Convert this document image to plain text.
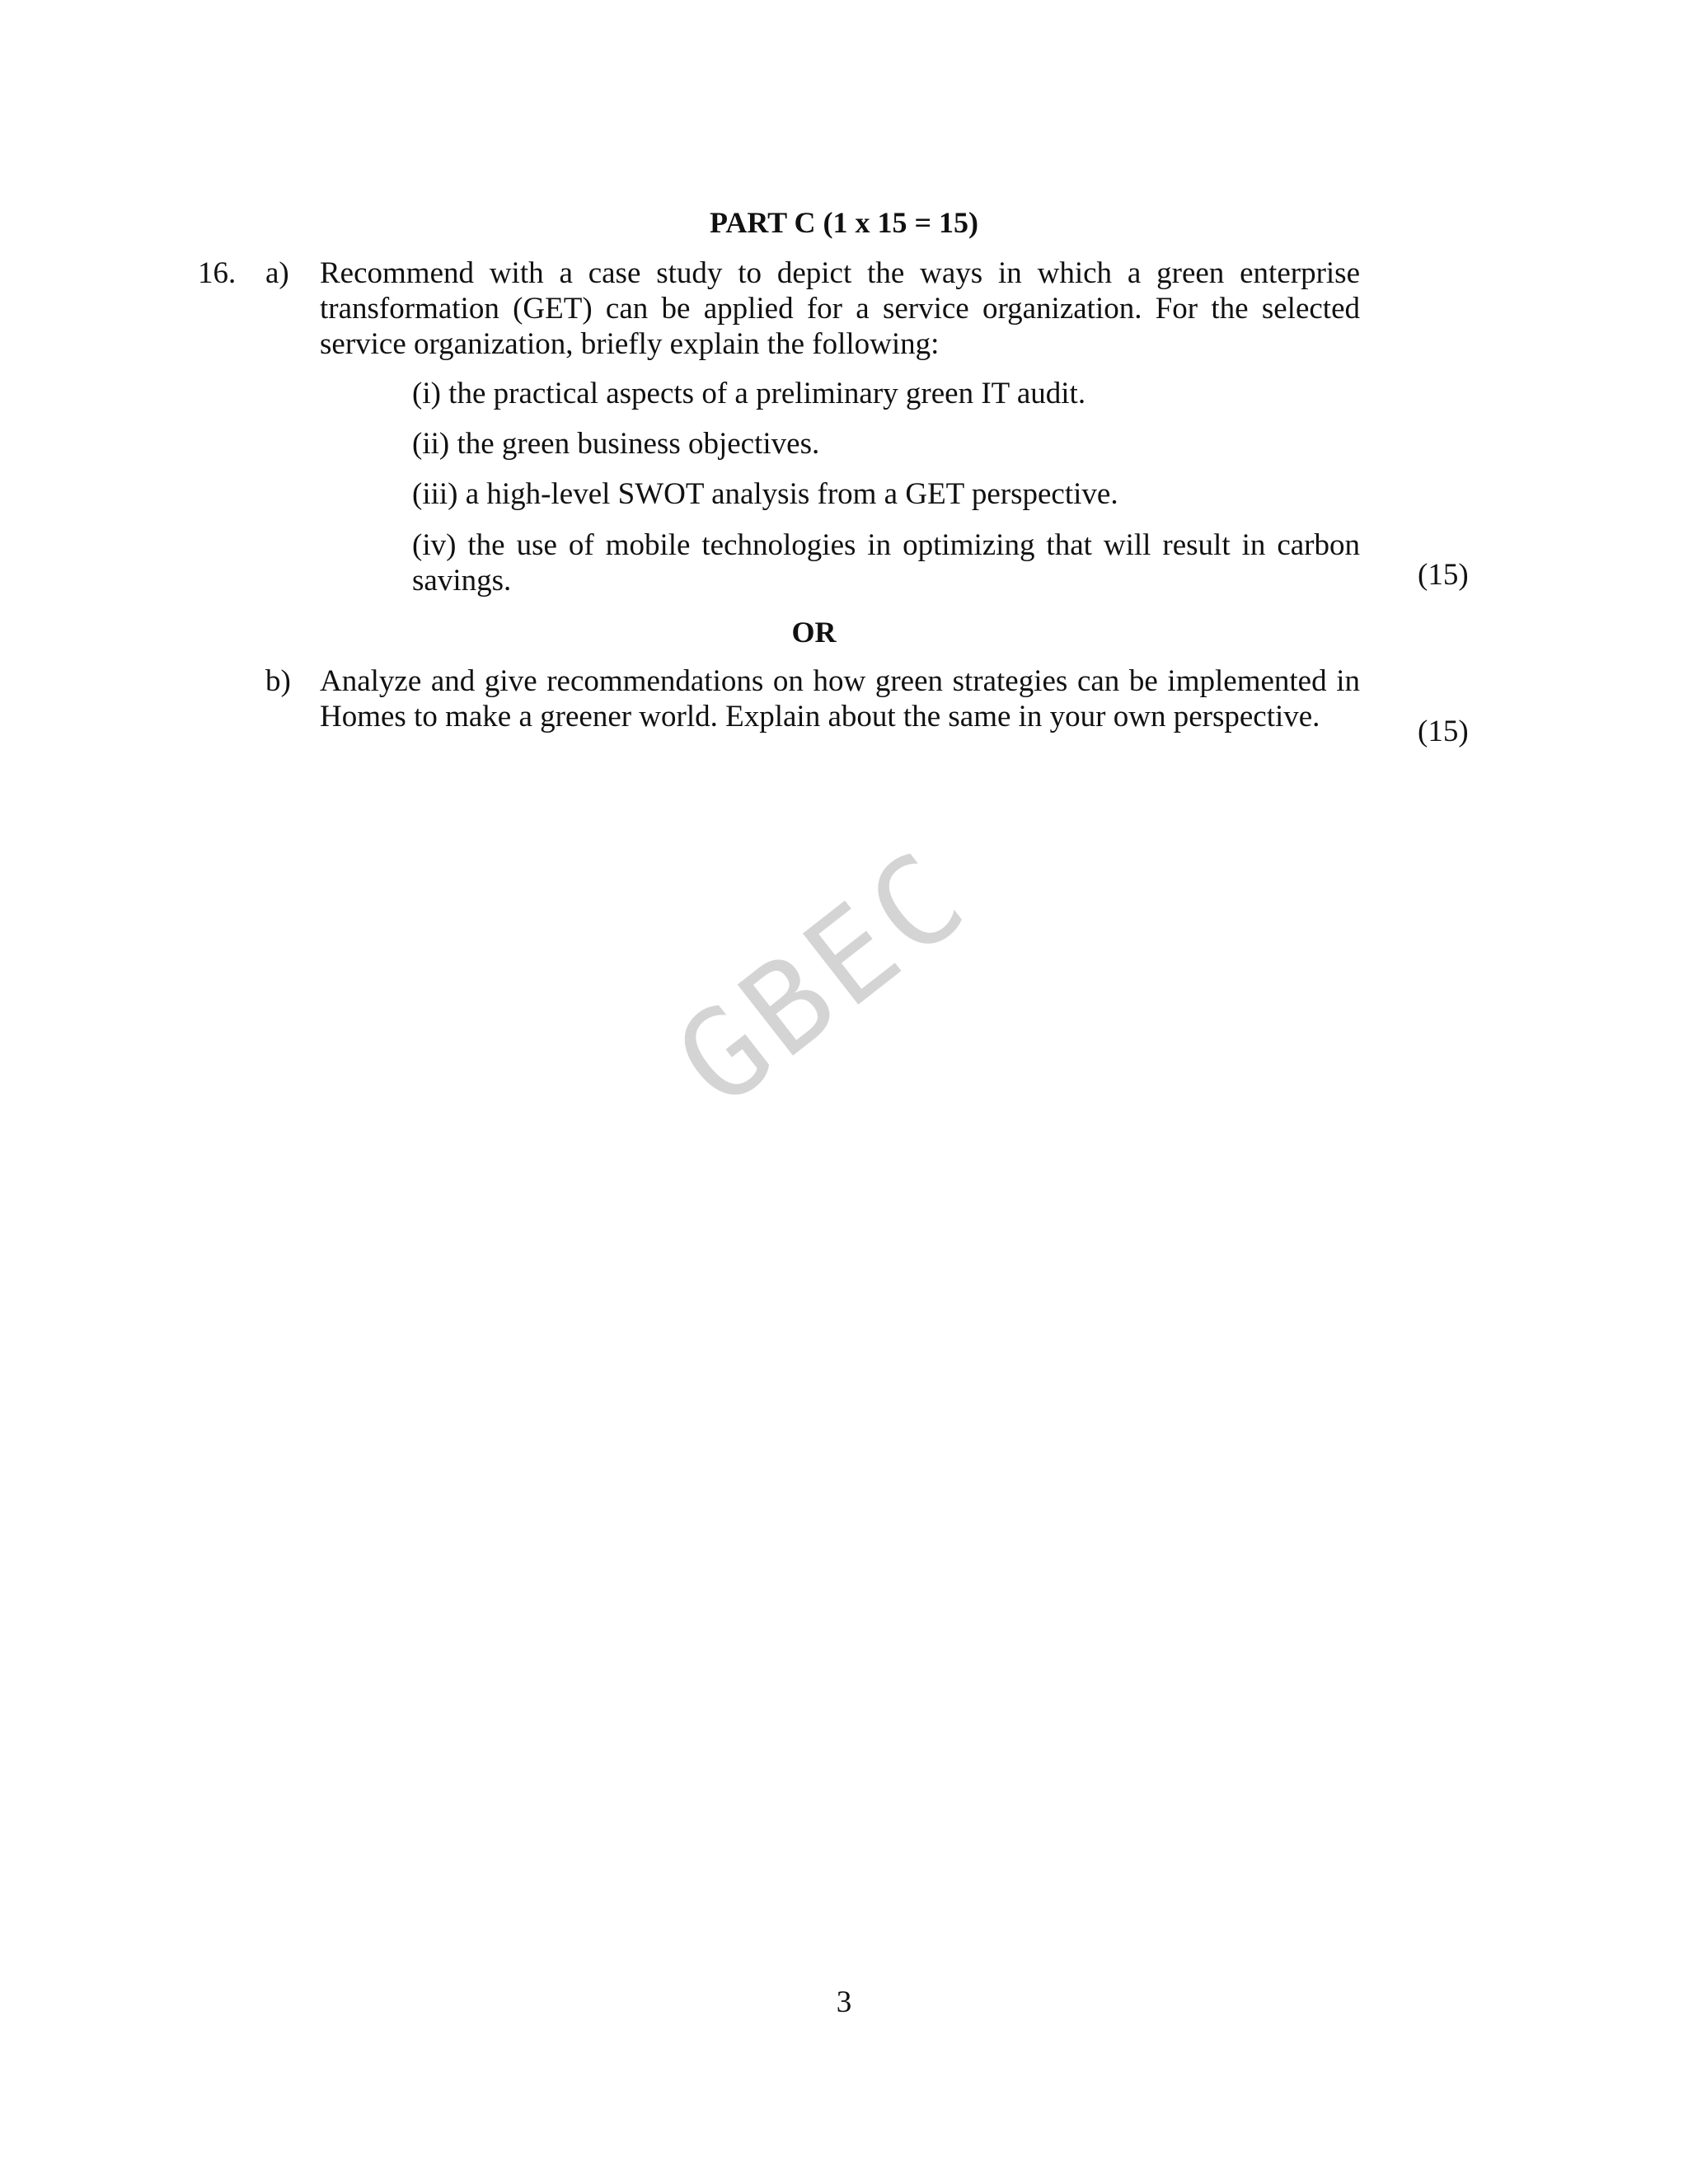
PART C (1 x 15 = 15)
16. a) Recommend with a case study to depict the ways in which a green enterprise transformation (GET) can be applied for a service organization. For the selected service organization, briefly explain the following:
(i) the practical aspects of a preliminary green IT audit.
(ii) the green business objectives.
(iii) a high-level SWOT analysis from a GET perspective.
(iv) the use of mobile technologies in optimizing that will result in carbon savings.	(15)
OR
b) Analyze and give recommendations on how green strategies can be implemented in Homes to make a greener world. Explain about the same in your own perspective.	(15)
GBEC
3
